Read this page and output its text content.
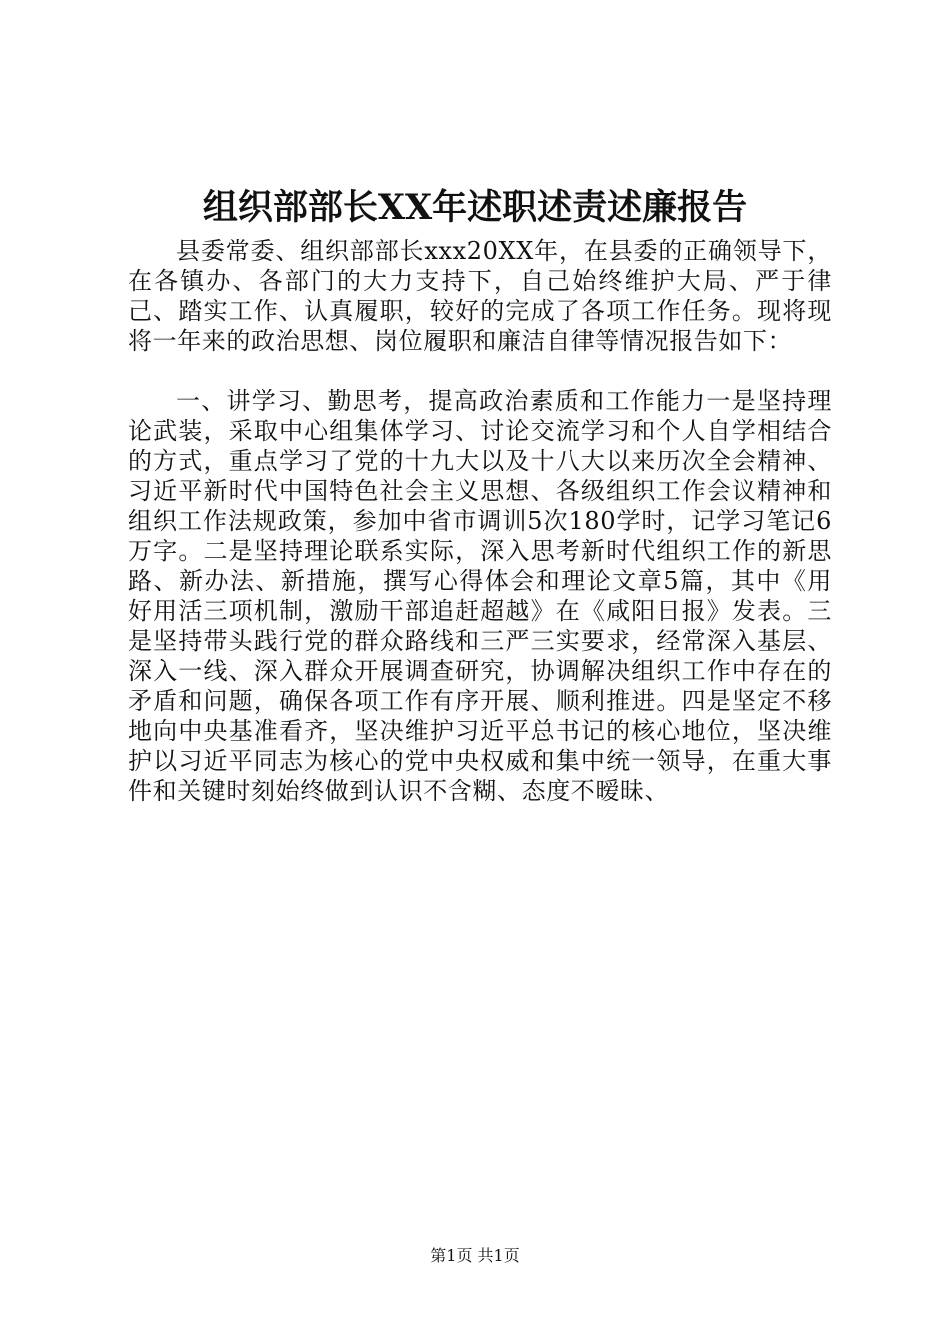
组织部部长XX年述职述责述廉报告

县委常委、组织部部长xxx20XX年，在县委的正确领导下，在各镇办、各部门的大力支持下，自己始终维护大局、严于律己、踏实工作、认真履职，较好的完成了各项工作任务。现将现将一年来的政治思想、岗位履职和廉洁自律等情况报告如下：

一、讲学习、勤思考，提高政治素质和工作能力一是坚持理论武装，采取中心组集体学习、讨论交流学习和个人自学相结合的方式，重点学习了党的十九大以及十八大以来历次全会精神、习近平新时代中国特色社会主义思想、各级组织工作会议精神和组织工作法规政策，参加中省市调训5次180学时，记学习笔记6万字。二是坚持理论联系实际，深入思考新时代组织工作的新思路、新办法、新措施，撰写心得体会和理论文章5篇，其中《用好用活三项机制，激励干部追赶超越》在《咸阳日报》发表。三是坚持带头践行党的群众路线和三严三实要求，经常深入基层、深入一线、深入群众开展调查研究，协调解决组织工作中存在的矛盾和问题，确保各项工作有序开展、顺利推进。四是坚定不移地向中央基准看齐，坚决维护习近平总书记的核心地位，坚决维护以习近平同志为核心的党中央权威和集中统一领导，在重大事件和关键时刻始终做到认识不含糊、态度不暧昧、

第1页 共1页
